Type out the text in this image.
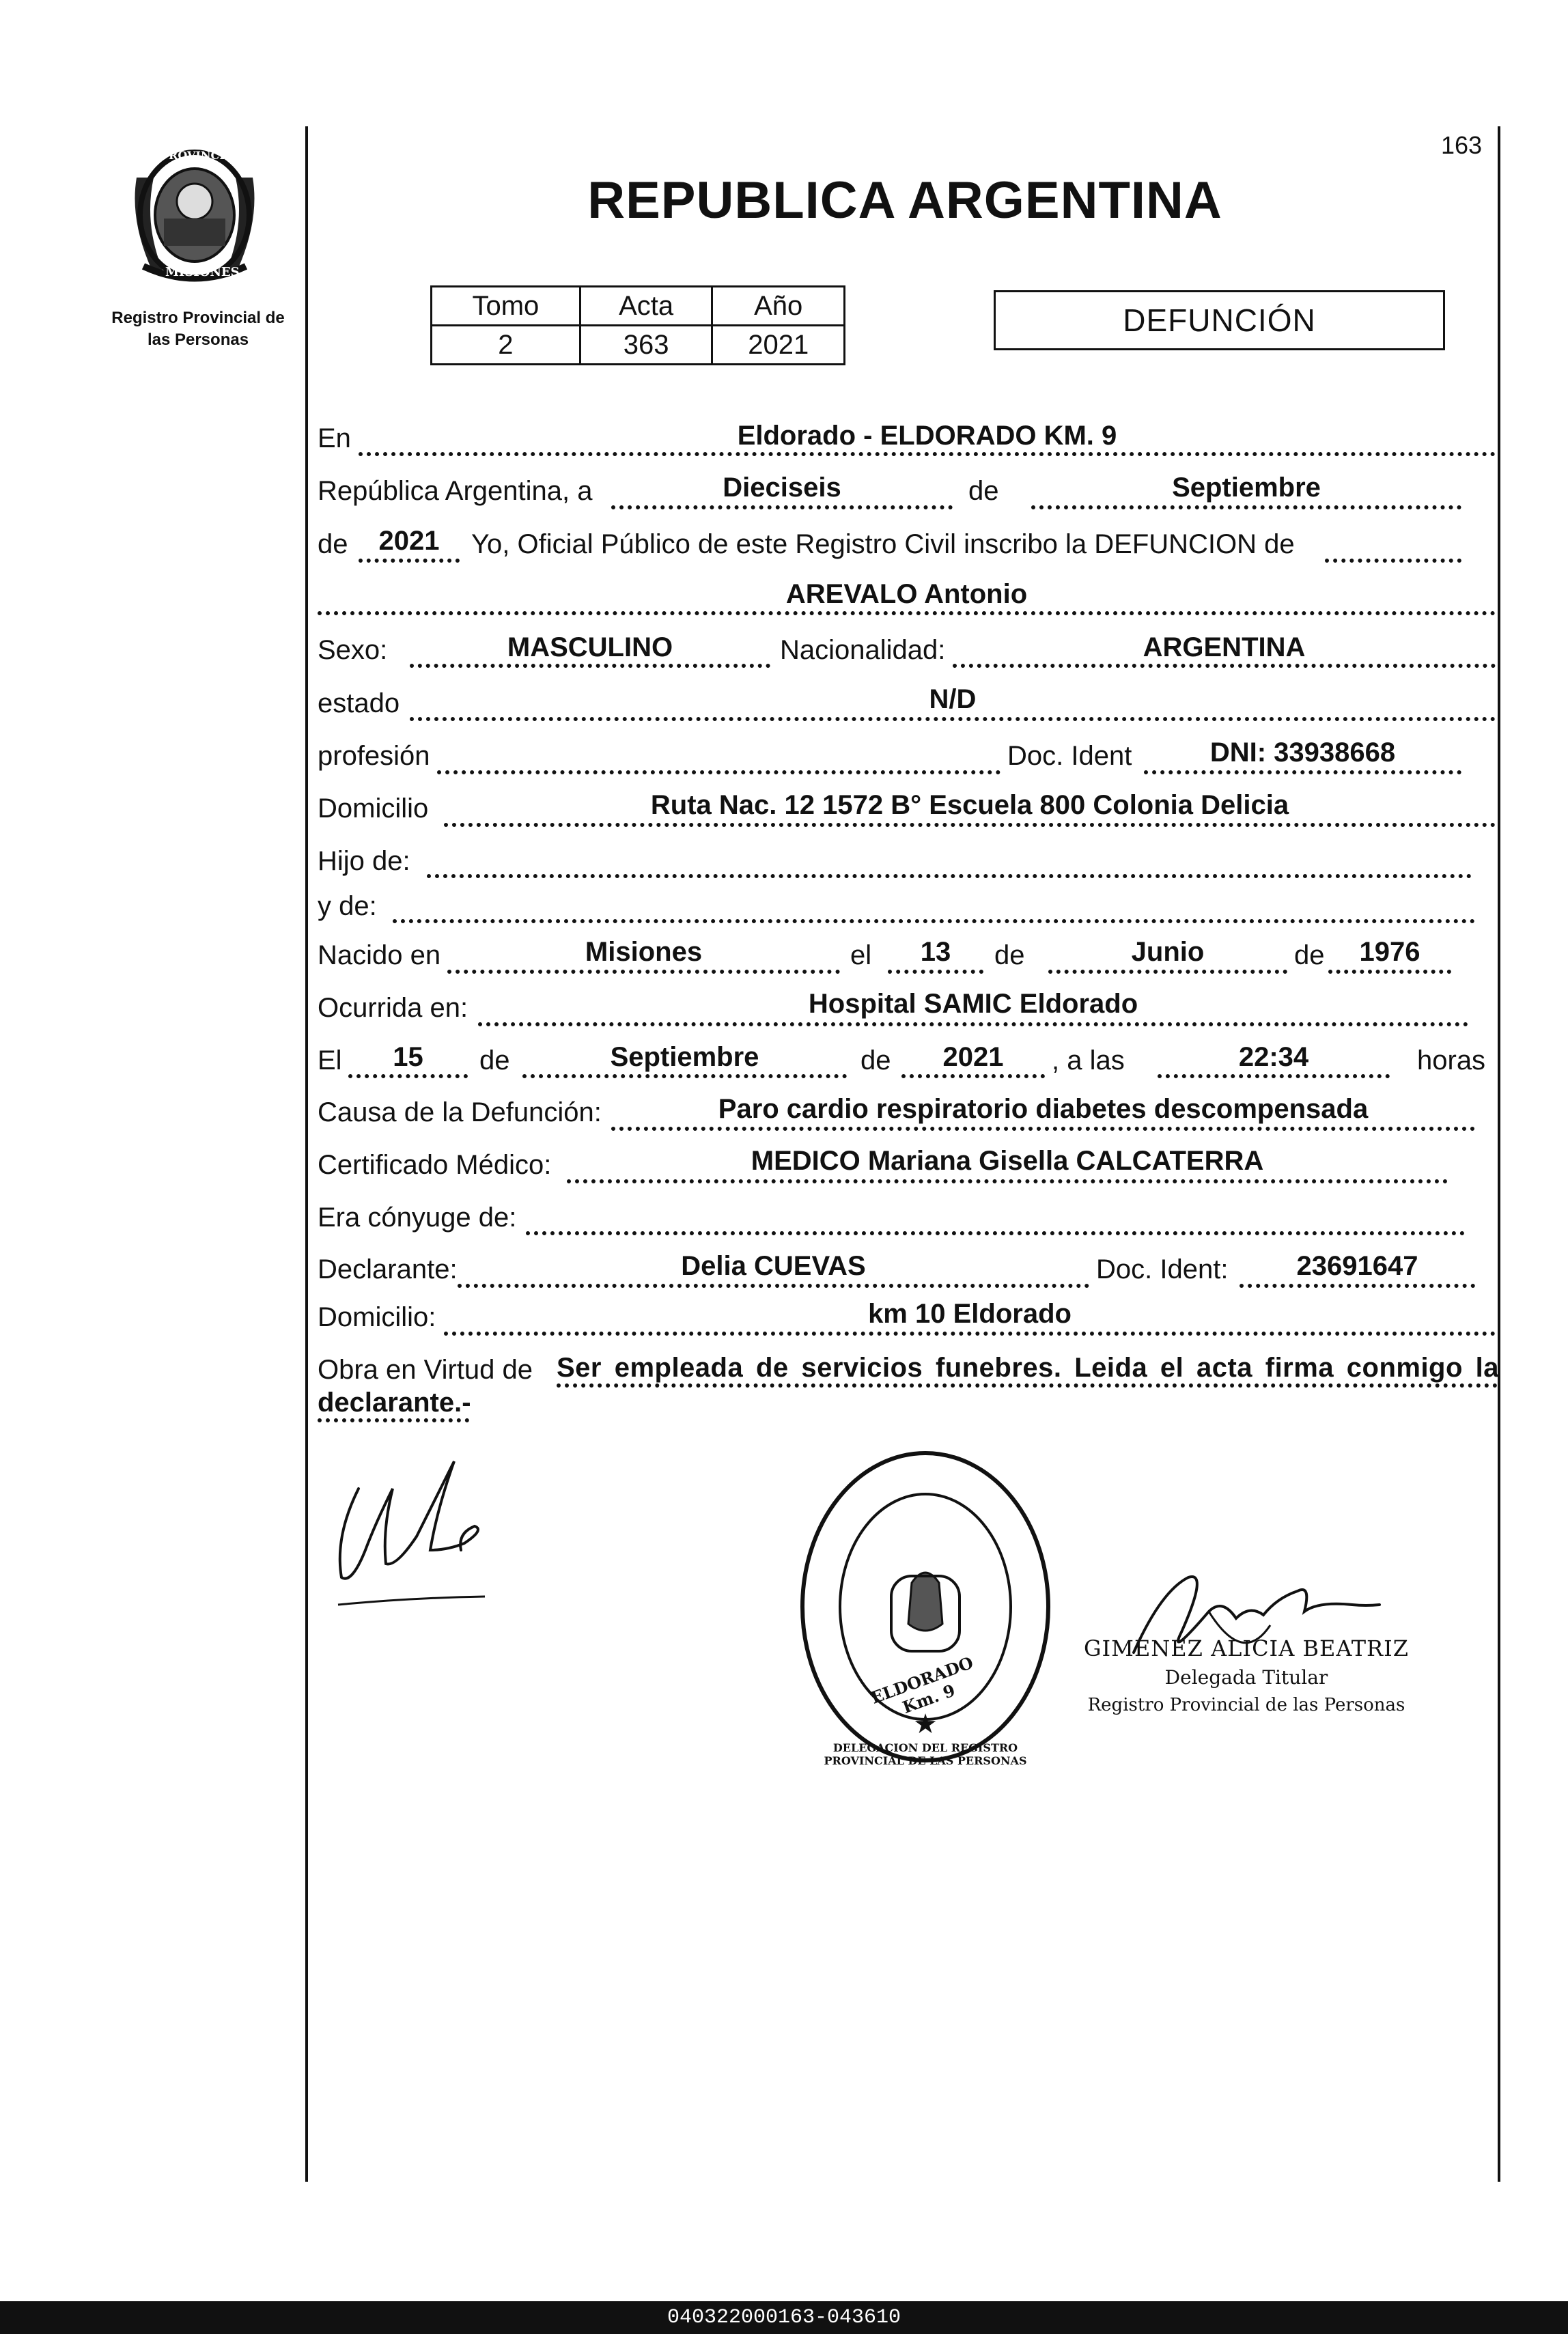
PROVINCIA DE
MISIONES
Registro Provincial de
las Personas
163
REPUBLICA ARGENTINA
Tomo	Acta	Año
2	363	2021
DEFUNCIÓN
En	Eldorado - ELDORADO KM. 9
República Argentina, a	Dieciseis	de	Septiembre
de	2021	Yo, Oficial Público de este Registro Civil inscribo la DEFUNCION de
AREVALO Antonio
Sexo:	MASCULINO	Nacionalidad:	ARGENTINA
estado	N/D
profesión	Doc. Ident	DNI: 33938668
Domicilio	Ruta Nac. 12 1572 B° Escuela 800 Colonia Delicia
Hijo de:
y de:
Nacido en	Misiones	el	13	de	Junio	de	1976
Ocurrida en:	Hospital SAMIC Eldorado
El	15	de	Septiembre	de	2021	, a las	22:34	horas
Causa de la Defunción:	Paro cardio respiratorio diabetes descompensada
Certificado Médico:	MEDICO Mariana Gisella CALCATERRA
Era cónyuge de:
Declarante:	Delia CUEVAS	Doc. Ident:	23691647
Domicilio:	km 10 Eldorado
Obra en Virtud de Ser empleada de servicios funebres. Leida el acta firma conmigo la
declarante.-
★
DELEGACION DEL REGISTRO PROVINCIAL DE LAS PERSONAS
ELDORADO Km. 9
GIMENEZ ALICIA BEATRIZ
Delegada Titular
Registro Provincial de las Personas
040322000163-043610
